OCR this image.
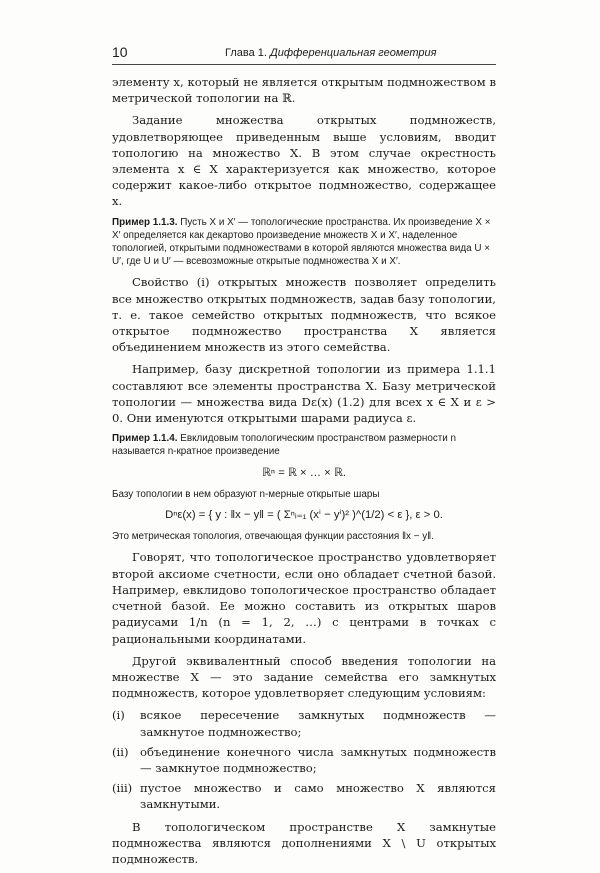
10	Глава 1. Дифференциальная геометрия

элементу x, который не является открытым подмножеством в метрической топологии на ℝ.

Задание множества открытых подмножеств, удовлетворяющее приведенным выше условиям, вводит топологию на множество X. В этом случае окрестность элемента x ∈ X характеризуется как множество, которое содержит какое-либо открытое подмножество, содержащее x.

Пример 1.1.3. Пусть X и X′ — топологические пространства. Их произведение X × X′ определяется как декартово произведение множеств X и X′, наделенное топологией, открытыми подмножествами в которой являются множества вида U × U′, где U и U′ — всевозможные открытые подмножества X и X′.

Свойство (i) открытых множеств позволяет определить все множество открытых подмножеств, задав базу топологии, т. е. такое семейство открытых подмножеств, что всякое открытое подмножество пространства X является объединением множеств из этого семейства.

Например, базу дискретной топологии из примера 1.1.1 составляют все элементы пространства X. Базу метрической топологии — множества вида Dε(x) (1.2) для всех x ∈ X и ε > 0. Они именуются открытыми шарами радиуса ε.

Пример 1.1.4. Евклидовым топологическим пространством размерности n называется n-кратное произведение
ℝⁿ = ℝ × … × ℝ.
Базу топологии в нем образуют n-мерные открытые шары
Dⁿε(x) = { y : ‖x − y‖ = ( Σⁿᵢ₌₁ (xⁱ − yⁱ)² )^(1/2) < ε }, ε > 0.
Это метрическая топология, отвечающая функции расстояния ‖x − y‖.

Говорят, что топологическое пространство удовлетворяет второй аксиоме счетности, если оно обладает счетной базой. Например, евклидово топологическое пространство обладает счетной базой. Ее можно составить из открытых шаров радиусами 1/n (n = 1, 2, …) с центрами в точках с рациональными координатами.

Другой эквивалентный способ введения топологии на множестве X — это задание семейства его замкнутых подмножеств, которое удовлетворяет следующим условиям:

(i)	всякое пересечение замкнутых подмножеств — замкнутое подмножество;
(ii) объединение конечного числа замкнутых подмножеств — замкнутое подмножество;
(iii) пустое множество и само множество X являются замкнутыми.

В топологическом пространстве X замкнутые подмножества являются дополнениями X \ U открытых подмножеств.
